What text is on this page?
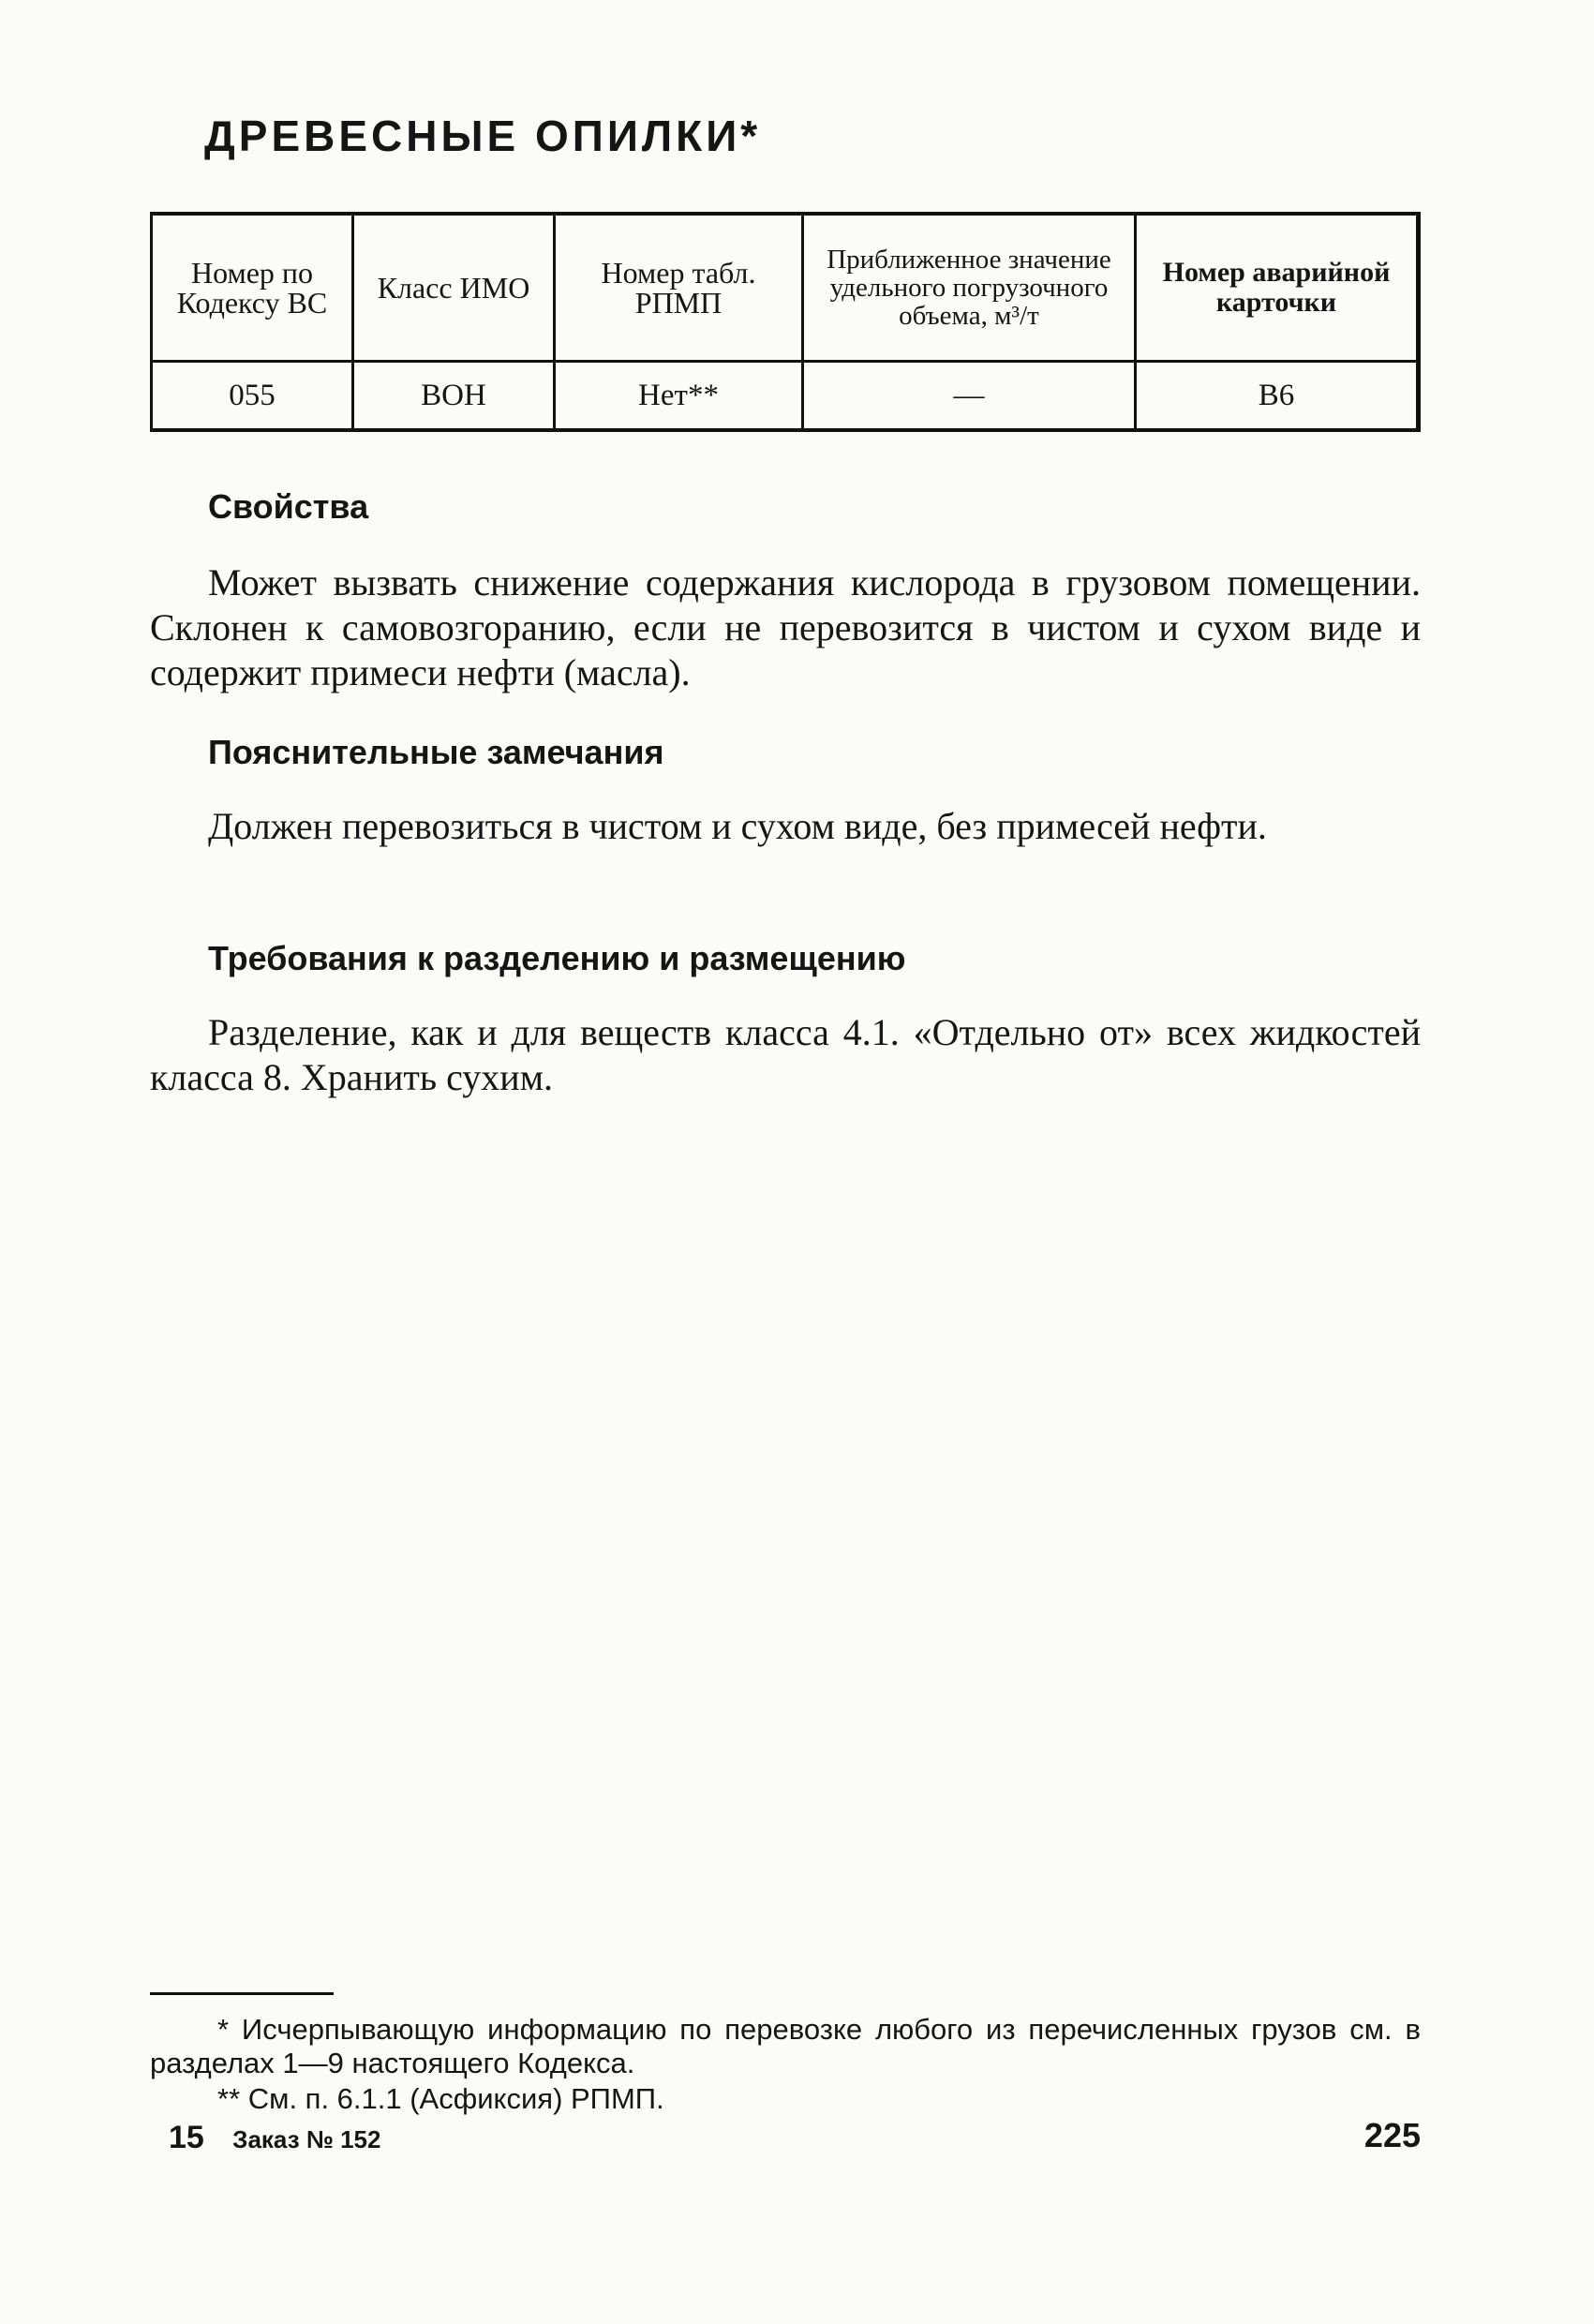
ДРЕВЕСНЫЕ ОПИЛКИ*
Номер по Кодексу ВС	Класс ИМО	Номер табл. РПМП	Приближенное значение удельного погрузочного объема, м³/т	Номер аварийной карточки
055	ВОН	Нет**	—	В6
Свойства

Может вызвать снижение содержания кислорода в грузовом помещении. Склонен к самовозгоранию, если не перевозится в чистом и сухом виде и содержит примеси нефти (масла).

Пояснительные замечания

Должен перевозиться в чистом и сухом виде, без примесей нефти.

Требования к разделению и размещению

Разделение, как и для веществ класса 4.1. «Отдельно от» всех жидкостей класса 8. Хранить сухим.

* Исчерпывающую информацию по перевозке любого из перечисленных грузов см. в разделах 1—9 настоящего Кодекса.

** См. п. 6.1.1 (Асфиксия) РПМП.

15 Заказ № 152	225
